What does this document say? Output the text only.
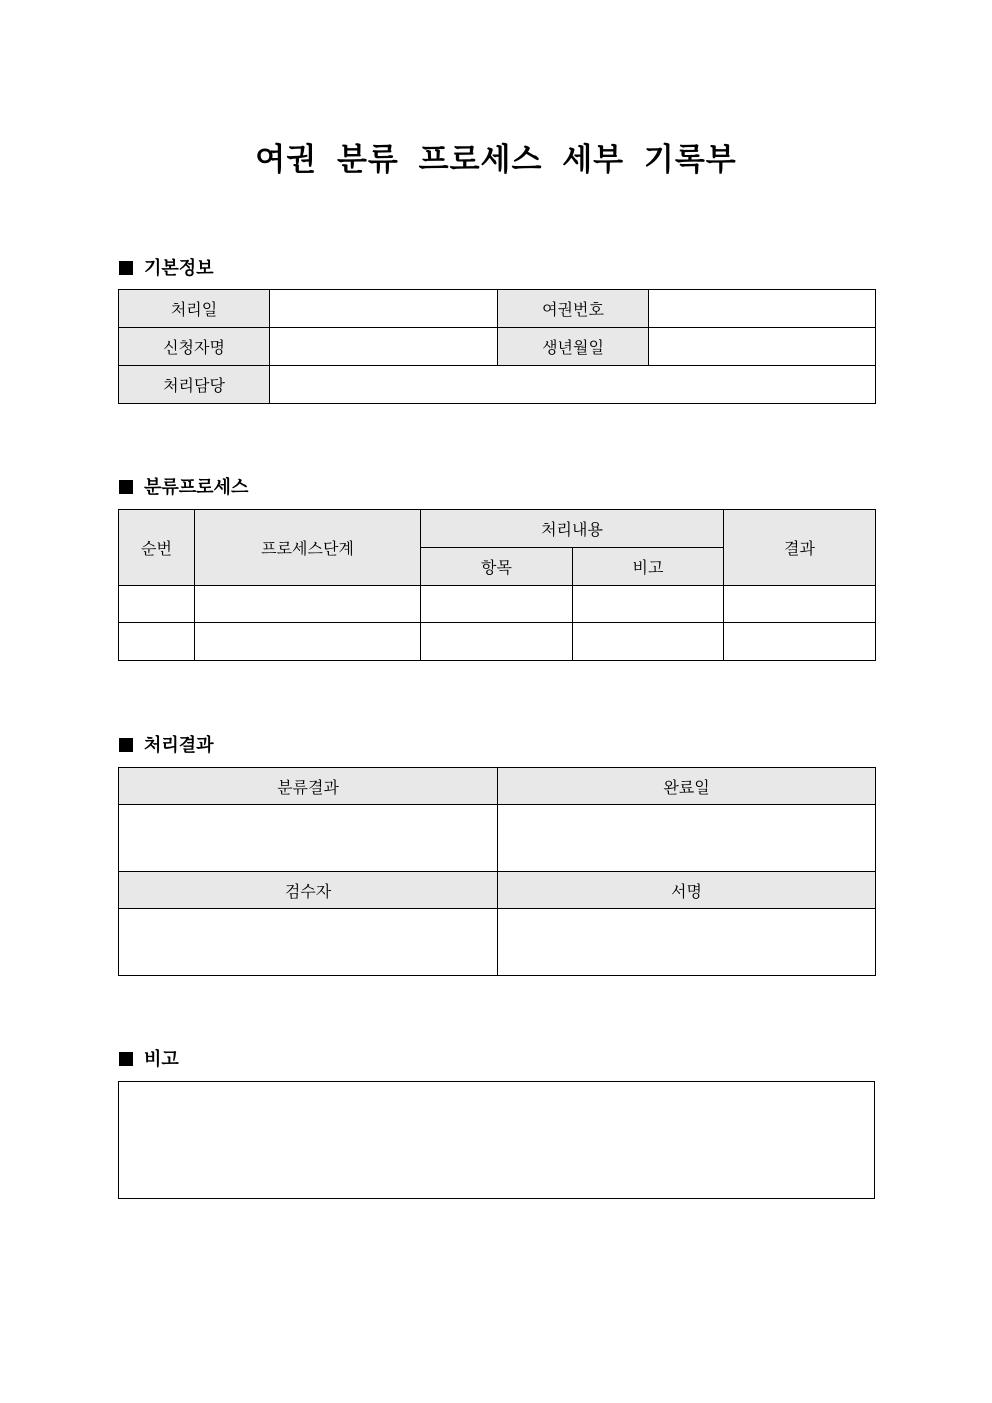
여권 분류 프로세스 세부 기록부
기본정보
처리일		여권번호	
신청자명		생년월일	
처리담당			
분류프로세스
순번	프로세스단계	처리내용		결과
		항목	비고	

처리결과
분류결과	완료일

검수자	서명

비고
